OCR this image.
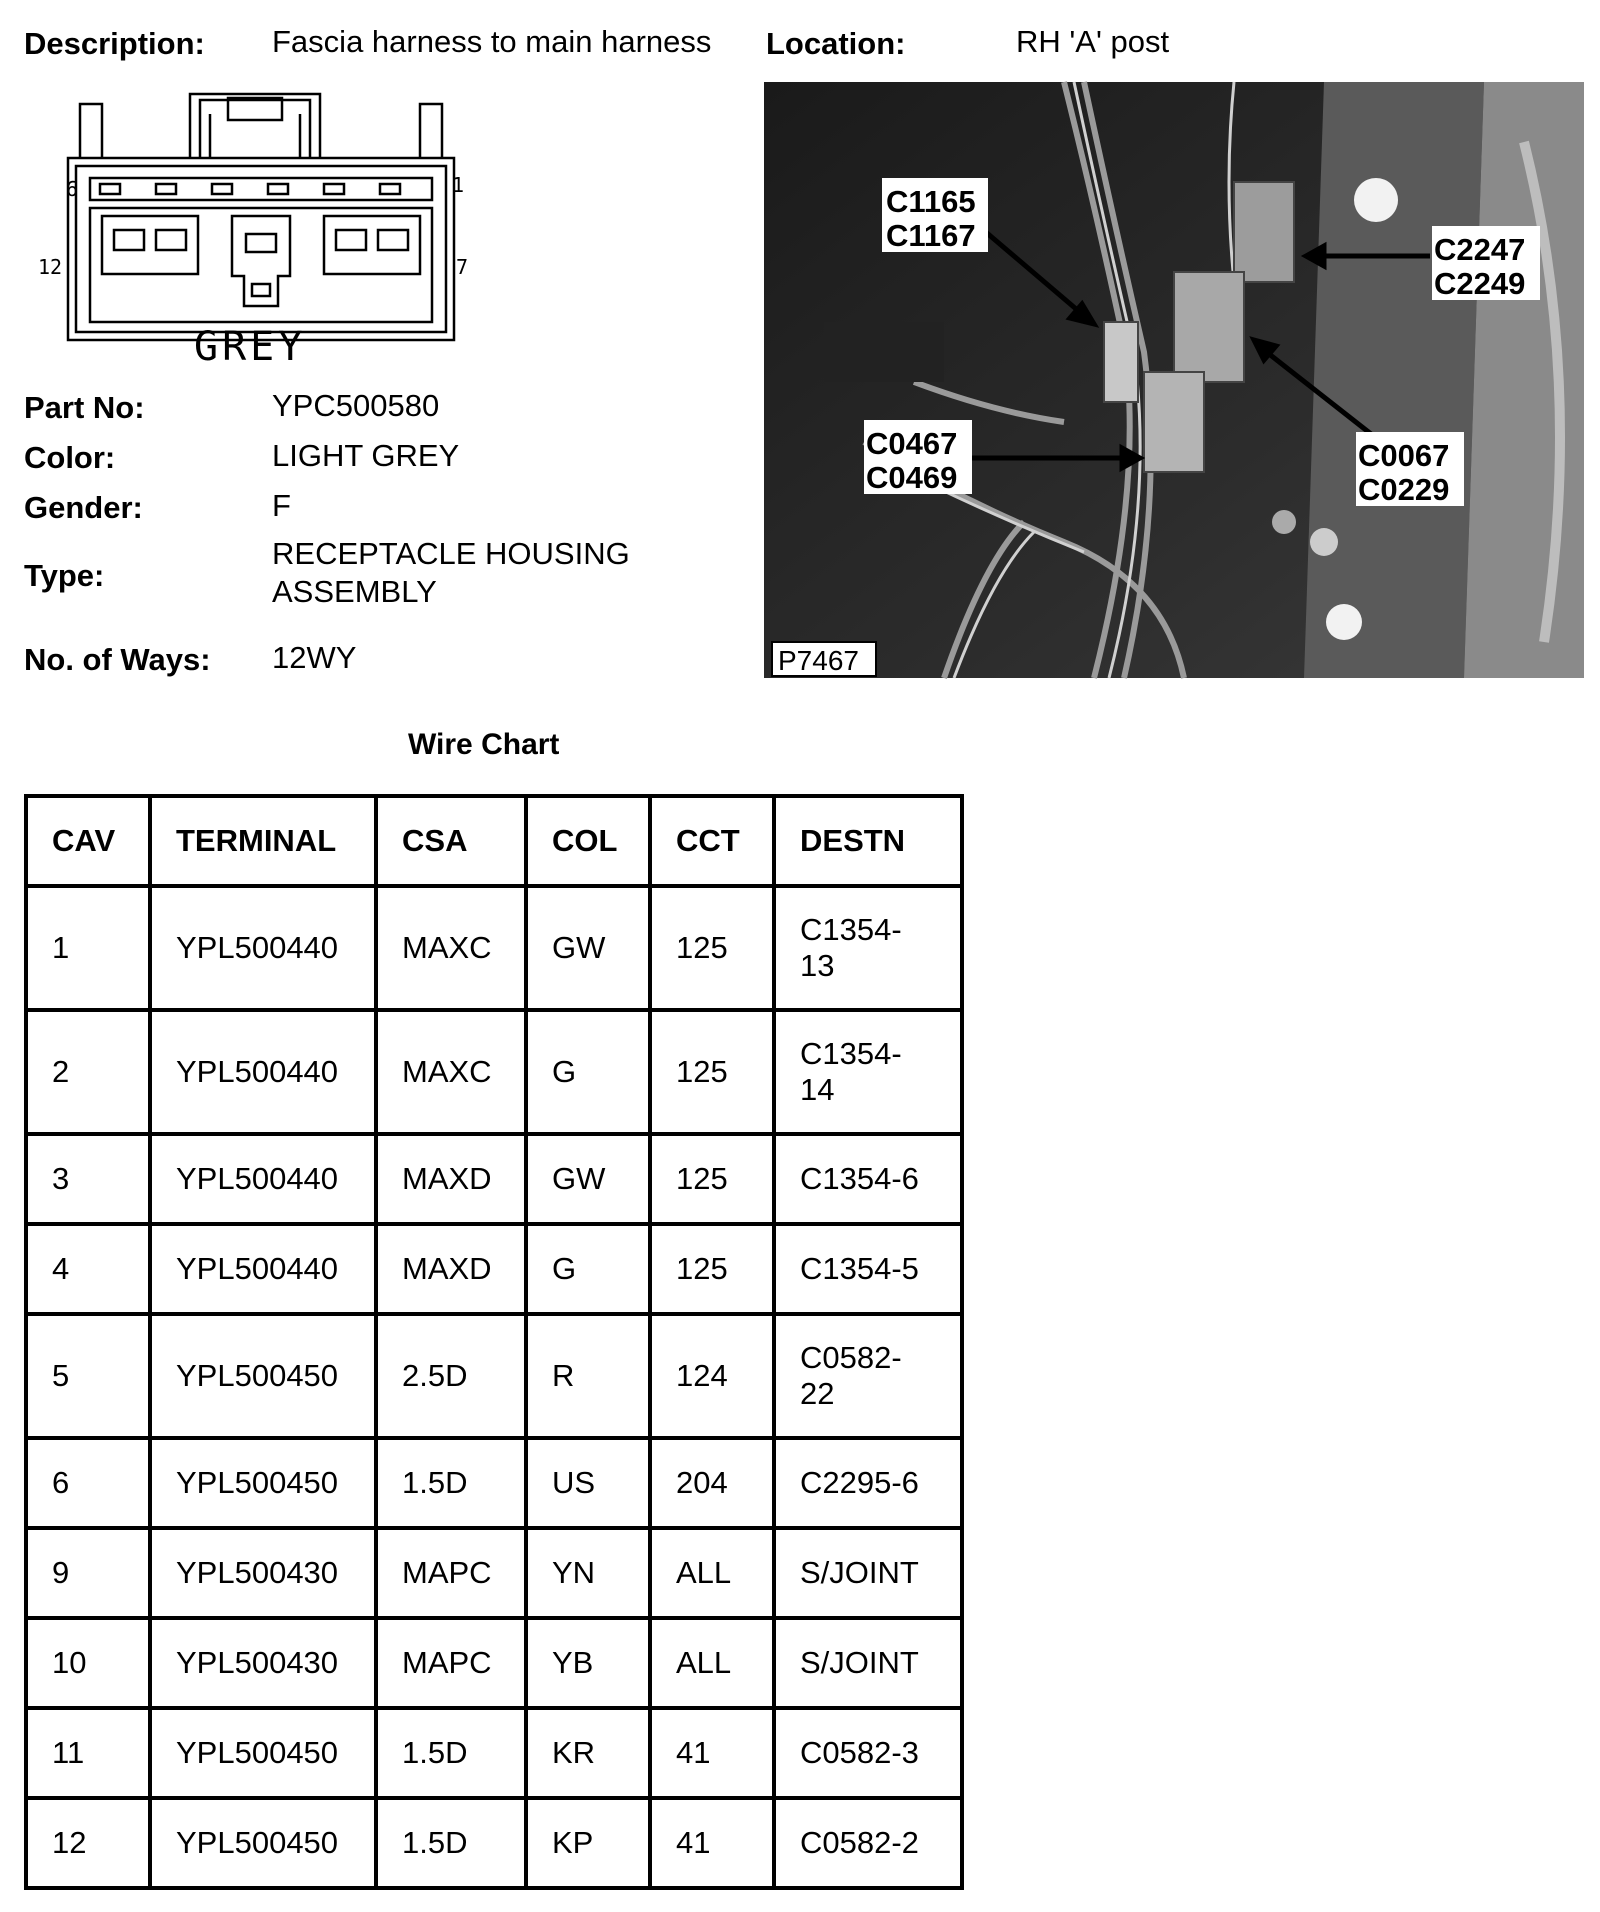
Description: Fascia harness to main harness Location:	RH 'A' post
6	1
12	7
GREY
Part No:	YPC500580
Color:	LIGHT GREY
Gender:	F
Type:
RECEPTACLE HOUSING
ASSEMBLY
No. of Ways: 12WY
C1165
C1167	C2247
C2249
C0467
C0469
C0067
C0229
P7467
Wire Chart
CAV	TERMINAL	CSA	COL	CCT	DESTN
1	YPL500440	MAXC	GW	125	C1354-
13

2	YPL500440	MAXC	G	125	C1354-
14

3	YPL500440	MAXD	GW	125	C1354-6
4	YPL500440	MAXD	G	125	C1354-5
5	YPL500450	2.5D	R	124	C0582-
22

6	YPL500450	1.5D	US	204	C2295-6
9	YPL500430	MAPC	YN	ALL	S/JOINT
10	YPL500430	MAPC	YB	ALL	S/JOINT
11	YPL500450	1.5D	KR	41	C0582-3
12	YPL500450	1.5D	KP	41	C0582-2
